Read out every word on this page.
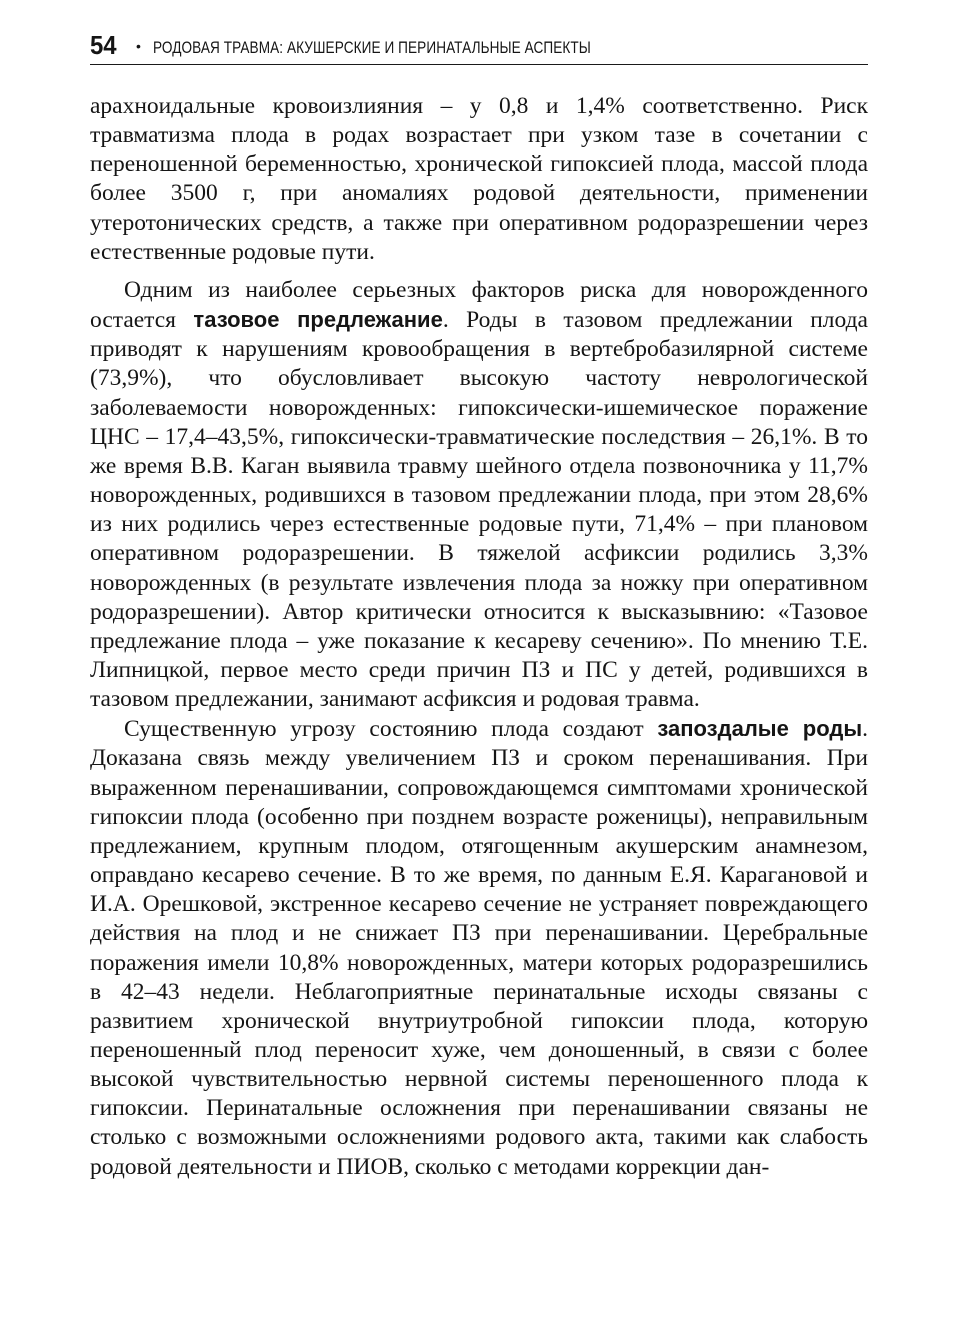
54 • РОДОВАЯ ТРАВМА: АКУШЕРСКИЕ И ПЕРИНАТАЛЬНЫЕ АСПЕКТЫ

арахноидальные кровоизлияния – у 0,8 и 1,4% соответственно. Риск травматизма плода в родах возрастает при узком тазе в сочетании с переношенной беременностью, хронической гипоксией плода, массой плода более 3500 г, при аномалиях родовой деятельности, применении утеротонических средств, а также при оперативном родоразрешении через естественные родовые пути.

Одним из наиболее серьезных факторов риска для новорожденного остается тазовое предлежание. Роды в тазовом предлежании плода приводят к нарушениям кровообращения в вертебробазилярной системе (73,9%), что обусловливает высокую частоту неврологической заболеваемости новорожденных: гипоксически-ишемическое поражение ЦНС – 17,4–43,5%, гипоксически-травматические последствия – 26,1%. В то же время В.В. Каган выявила травму шейного отдела позвоночника у 11,7% новорожденных, родившихся в тазовом предлежании плода, при этом 28,6% из них родились через естественные родовые пути, 71,4% – при плановом оперативном родоразрешении. В тяжелой асфиксии родились 3,3% новорожденных (в результате извлечения плода за ножку при оперативном родоразрешении). Автор критически относится к высказывнию: «Тазовое предлежание плода – уже показание к кесареву сечению». По мнению Т.Е. Липницкой, первое место среди причин ПЗ и ПС у детей, родившихся в тазовом предлежании, занимают асфиксия и родовая травма.

Существенную угрозу состоянию плода создают запоздалые роды. Доказана связь между увеличением ПЗ и сроком перенашивания. При выраженном перенашивании, сопровождающемся симптомами хронической гипоксии плода (особенно при позднем возрасте роженицы), неправильным предлежанием, крупным плодом, отягощенным акушерским анамнезом, оправдано кесарево сечение. В то же время, по данным Е.Я. Карагановой и И.А. Орешковой, экстренное кесарево сечение не устраняет повреждающего действия на плод и не снижает ПЗ при перенашивании. Церебральные поражения имели 10,8% новорожденных, матери которых родоразрешились в 42–43 недели. Неблагоприятные перинатальные исходы связаны с развитием хронической внутриутробной гипоксии плода, которую переношенный плод переносит хуже, чем доношенный, в связи с более высокой чувствительностью нервной системы переношенного плода к гипоксии. Перинатальные осложнения при перенашивании связаны не столько с возможными осложнениями родового акта, такими как слабость родовой деятельности и ПИОВ, сколько с методами коррекции дан-
